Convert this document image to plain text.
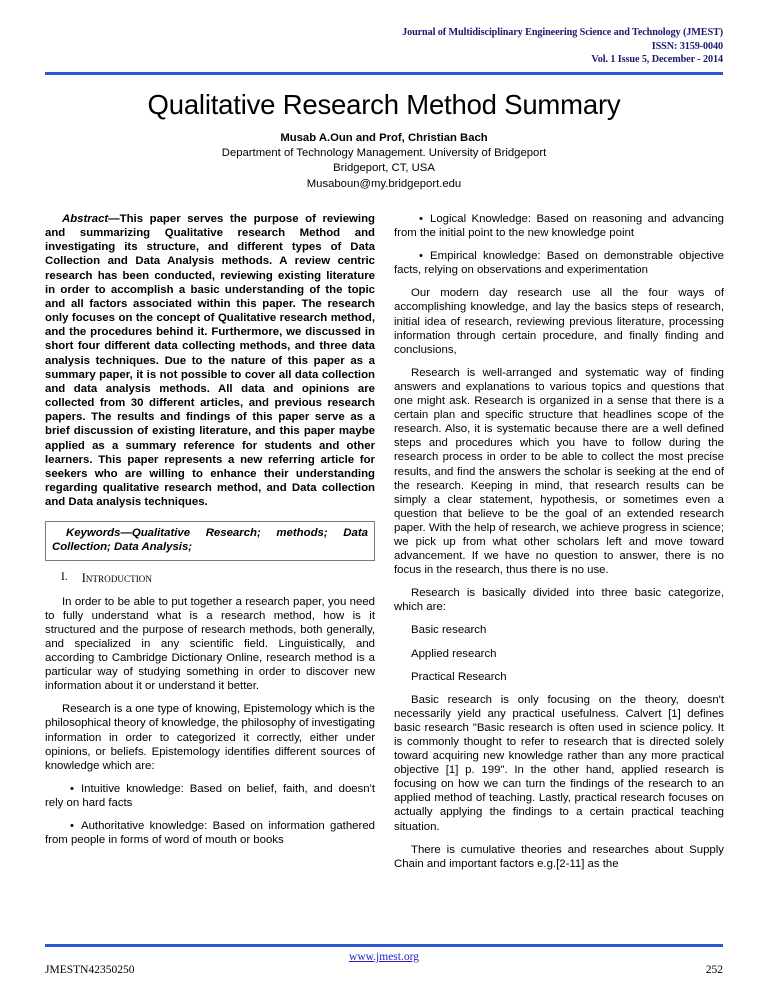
Journal of Multidisciplinary Engineering Science and Technology (JMEST)
ISSN: 3159-0040
Vol. 1 Issue 5, December - 2014
Qualitative Research Method Summary
Musab A.Oun and Prof, Christian Bach
Department of Technology Management. University of Bridgeport
Bridgeport, CT, USA
Musaboun@my.bridgeport.edu

Abstract—This paper serves the purpose of reviewing and summarizing Qualitative research Method and investigating its structure, and different types of Data Collection and Data Analysis methods. A review centric research has been conducted, reviewing existing literature in order to accomplish a basic understanding of the topic and all factors associated within this paper. The research only focuses on the concept of Qualitative research method, and the procedures behind it. Furthermore, we discussed in short four different data collecting methods, and three data analysis techniques. Due to the nature of this paper as a summary paper, it is not possible to cover all data collection and data analysis methods. All data and opinions are collected from 30 different articles, and previous research papers. The results and findings of this paper serve as a brief discussion of existing literature, and this paper maybe applied as a summary reference for students and other learners. This paper represents a new referring article for seekers who are willing to enhance their understanding regarding qualitative research method, and Data collection and Data analysis techniques.

Keywords—Qualitative Research; methods; Data Collection; Data Analysis;

I. Introduction

In order to be able to put together a research paper, you need to fully understand what is a research method, how is it structured and the purpose of research methods, both generally, and specialized in any scientific field. Linguistically, and according to Cambridge Dictionary Online, research method is a particular way of studying something in order to discover new information about it or understand it better.

Research is a one type of knowing, Epistemology which is the philosophical theory of knowledge, the philosophy of investigating information in order to categorized it correctly, either under opinions, or beliefs. Epistemology identifies different sources of knowledge which are:

• Intuitive knowledge: Based on belief, faith, and doesn't rely on hard facts

• Authoritative knowledge: Based on information gathered from people in forms of word of mouth or books

• Logical Knowledge: Based on reasoning and advancing from the initial point to the new knowledge point

• Empirical knowledge: Based on demonstrable objective facts, relying on observations and experimentation

Our modern day research use all the four ways of accomplishing knowledge, and lay the basics steps of research, initial idea of research, reviewing previous literature, processing information through certain procedure, and finally finding and conclusions,

Research is well-arranged and systematic way of finding answers and explanations to various topics and questions that one might ask. Research is organized in a sense that there is a certain plan and specific structure that headlines scope of the research. Also, it is systematic because there are a well defined steps and procedures which you have to follow during the research process in order to be able to collect the most precise results, and find the answers the scholar is seeking at the end of the research. Keeping in mind, that research results can be simply a clear statement, hypothesis, or sometimes even a question that believe to be the goal of an extended research paper. With the help of research, we achieve progress in science; we pick up from what other scholars left and move toward advancement. If we have no question to answer, there is no focus in the research, thus there is no use.

Research is basically divided into three basic categorize, which are:

Basic research

Applied research

Practical Research

Basic research is only focusing on the theory, doesn't necessarily yield any practical usefulness. Calvert [1] defines basic research "Basic research is often used in science policy. It is commonly thought to refer to research that is directed solely toward acquiring new knowledge rather than any more practical objective [1] p. 199". In the other hand, applied research is focusing on how we can turn the findings of the research to an applied method of teaching. Lastly, practical research focuses on actually applying the findings to a certain practical teaching situation.

There is cumulative theories and researches about Supply Chain and important factors e.g.[2-11] as the

www.jmest.org
JMESTN42350250	252
